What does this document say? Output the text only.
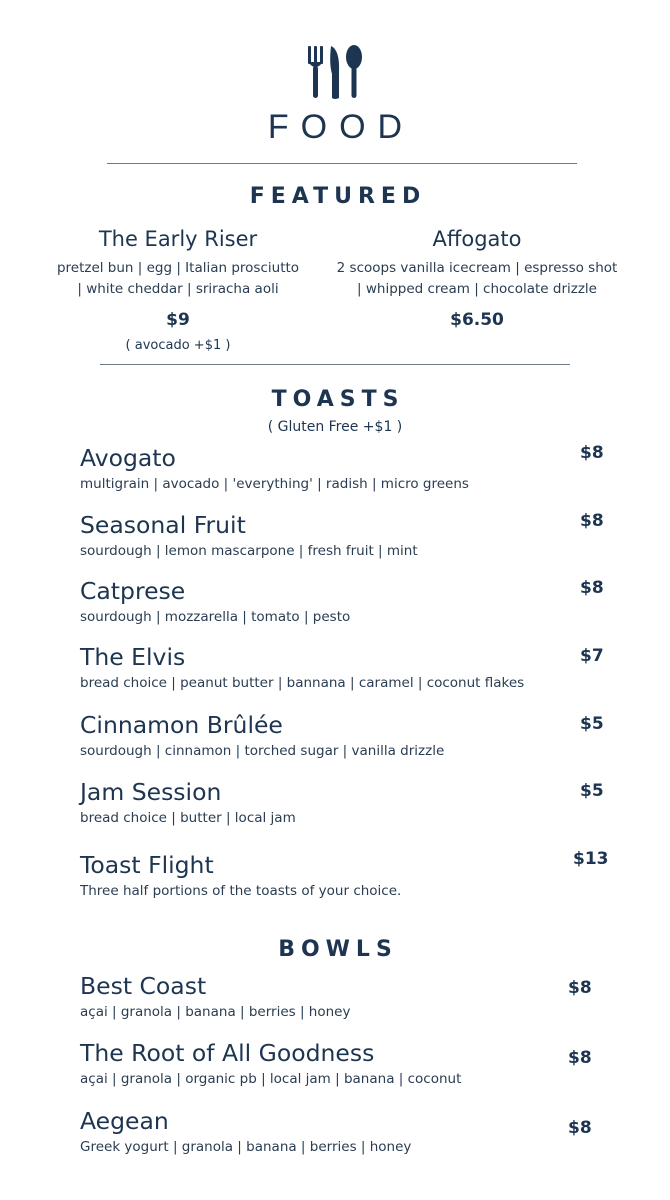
FOOD
FEATURED
The Early Riser
pretzel bun | egg | Italian prosciutto
| white cheddar | sriracha aoli
$9
( avocado +$1 )
Affogato
2 scoops vanilla icecream | espresso shot
| whipped cream | chocolate drizzle
$6.50
TOASTS
( Gluten Free +$1 )
Avogato
multigrain | avocado | 'everything' | radish | micro greens
$8
Seasonal Fruit
sourdough | lemon mascarpone | fresh fruit | mint
$8
Catprese
sourdough | mozzarella | tomato | pesto
$8
The Elvis
bread choice | peanut butter | bannana | caramel | coconut flakes
$7
Cinnamon Brûlée
sourdough | cinnamon | torched sugar | vanilla drizzle
$5
Jam Session
bread choice | butter | local jam
$5
Toast Flight
Three half portions of the toasts of your choice.
$13
BOWLS
Best Coast
açai | granola | banana | berries | honey
$8
The Root of All Goodness
açai | granola | organic pb | local jam | banana | coconut
$8
Aegean
Greek yogurt | granola | banana | berries | honey
$8
